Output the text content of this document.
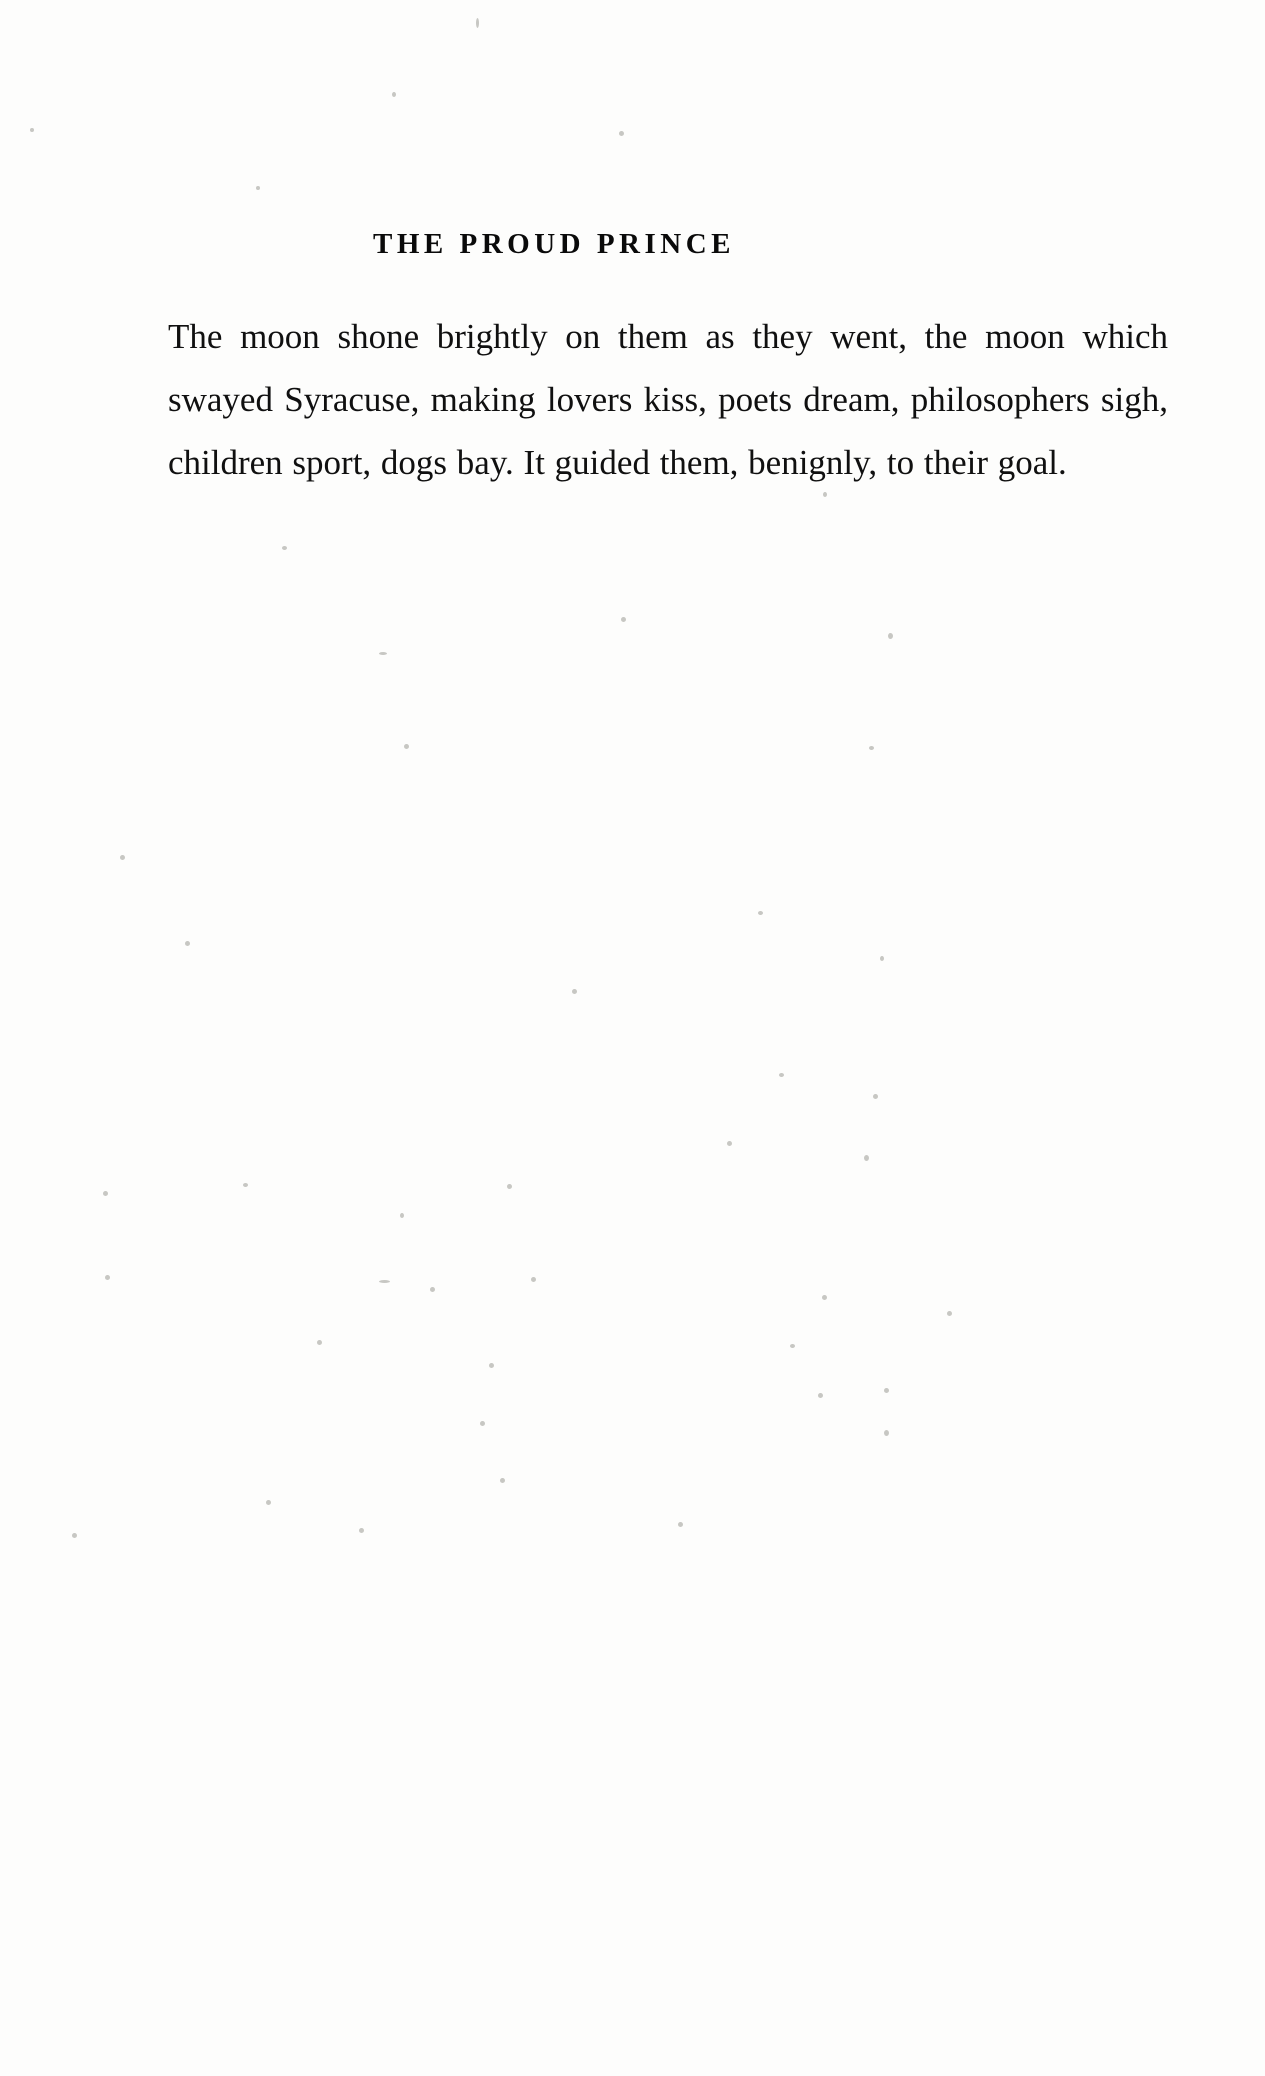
THE PROUD PRINCE

The moon shone brightly on them as they went, the moon which swayed Syracuse, making lovers kiss, poets dream, philosophers sigh, children sport, dogs bay. It guided them, benignly, to their goal.
